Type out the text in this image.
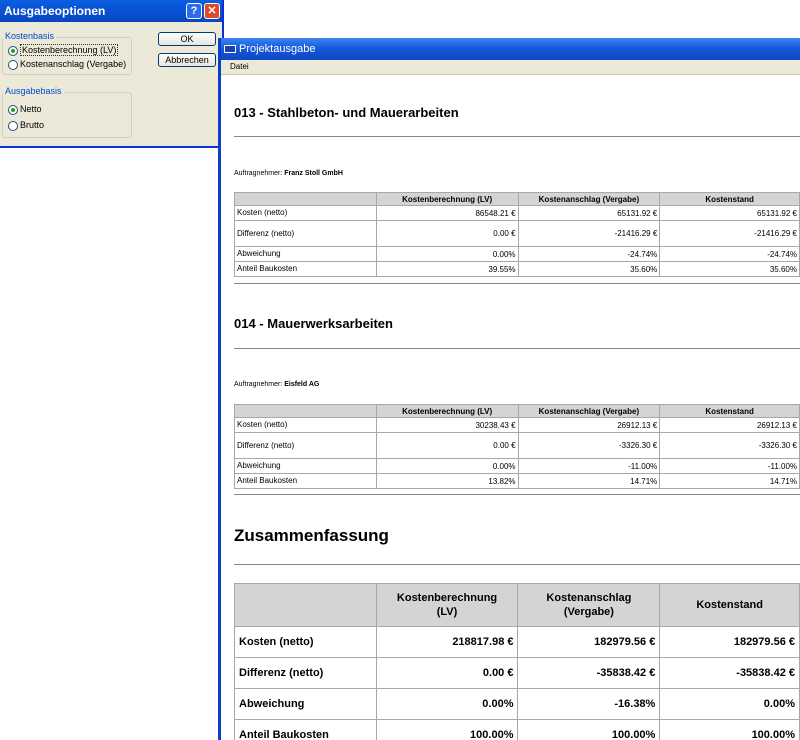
Ausgabeoptionen	? ✕
Kostenbasis
Kostenberechnung (LV)
Kostenanschlag (Vergabe)
Ausgabebasis
Netto
Brutto
OK
Abbrechen
Projektausgabe
Datei
013 - Stahlbeton- und Mauerarbeiten
Auftragnehmer: Franz Stoll GmbH
	Kostenberechnung (LV)	Kostenanschlag (Vergabe)	Kostenstand
Kosten (netto)	86548.21 €	65131.92 €	65131.92 €

Differenz (netto)	0.00 €	-21416.29 €	-21416.29 €
Abweichung	0.00%	-24.74%	-24.74%
Anteil Baukosten	39.55%	35.60%	35.60%
014 - Mauerwerksarbeiten
Auftragnehmer: Eisfeld AG
	Kostenberechnung (LV)	Kostenanschlag (Vergabe)	Kostenstand
Kosten (netto)	30238.43 €	26912.13 €	26912.13 €

Differenz (netto)	0.00 €	-3326.30 €	-3326.30 €
Abweichung	0.00%	-11.00%	-11.00%
Anteil Baukosten	13.82%	14.71%	14.71%
Zusammenfassung

	Kostenberechnung (LV)	Kostenanschlag (Vergabe)	Kostenstand
Kosten (netto)	218817.98 €	182979.56 €	182979.56 €
Differenz (netto)	0.00 €	-35838.42 €	-35838.42 €
Abweichung	0.00%	-16.38%	0.00%
Anteil Baukosten	100.00%	100.00%	100.00%
